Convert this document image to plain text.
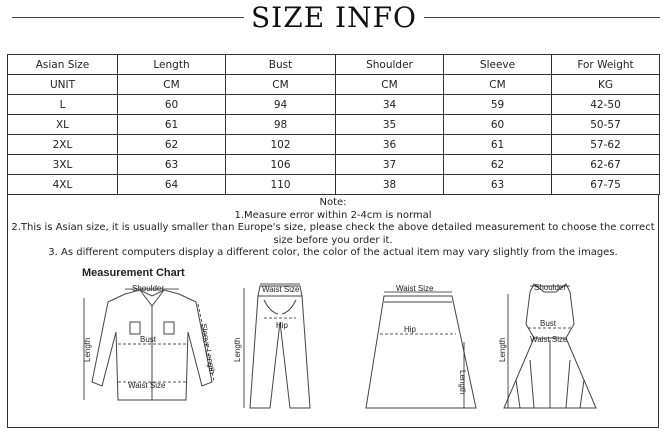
SIZE INFO
Asian Size	Length	Bust	Shoulder	Sleeve	For Weight
UNIT	CM	CM	CM	CM	KG
L	60	94	34	59	42-50
XL	61	98	35	60	50-57
2XL	62	102	36	61	57-62
3XL	63	106	37	62	62-67
4XL	64	110	38	63	67-75
Note:
1.Measure error within 2-4cm is normal
2.This is Asian size, it is usually smaller than Europe's size, please check the above detailed measurement to choose the correct size before you order it.
3. As different computers display a different color, the color of the actual item may vary slightly from the images.
Measurement Chart
Shoulder
Bust
Waist Size
Length	Sleeve Length
Waist Size
Hip
Length
Waist Size
Hip
Length
Shoulder
Bust
Waist Size
Length
